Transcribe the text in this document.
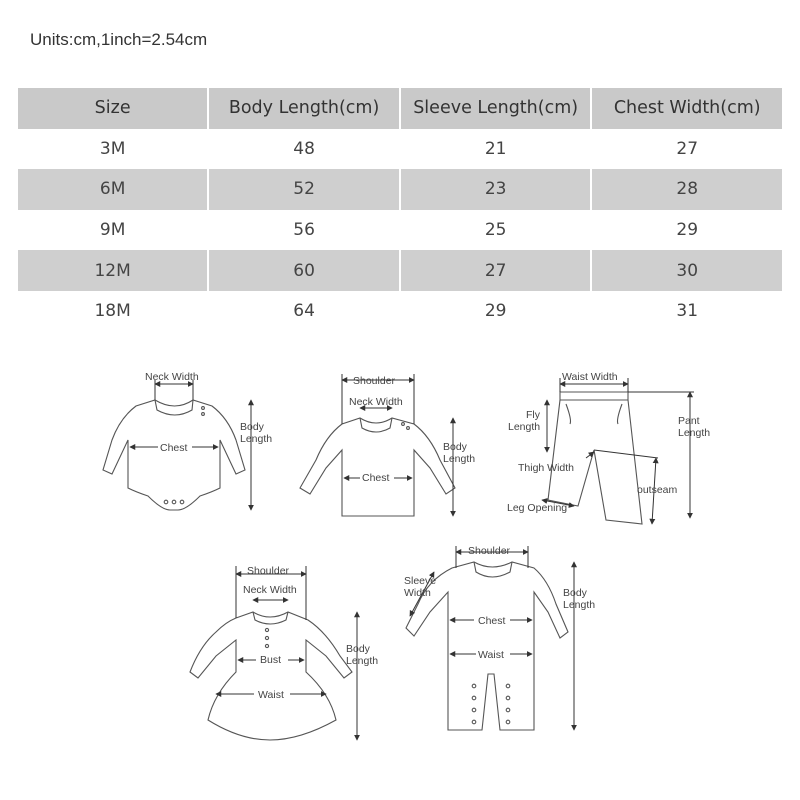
Units:cm,1inch=2.54cm
Size	Body Length(cm)	Sleeve Length(cm)	Chest Width(cm)
3M	48	21	27
6M	52	23	28
9M	56	25	29
12M	60	27	30
18M	64	29	31
Neck Width
Chest
Body
Length
Shoulder
Neck Width
Chest
Body
Length
Waist Width
Fly
Length	Pant
Length
Thigh Width
outseam
Leg Opening
Shoulder
Neck Width
Bust
Waist
Body
Length
Shoulder
Sleeve
Width
Chest
Waist
Body
Length
